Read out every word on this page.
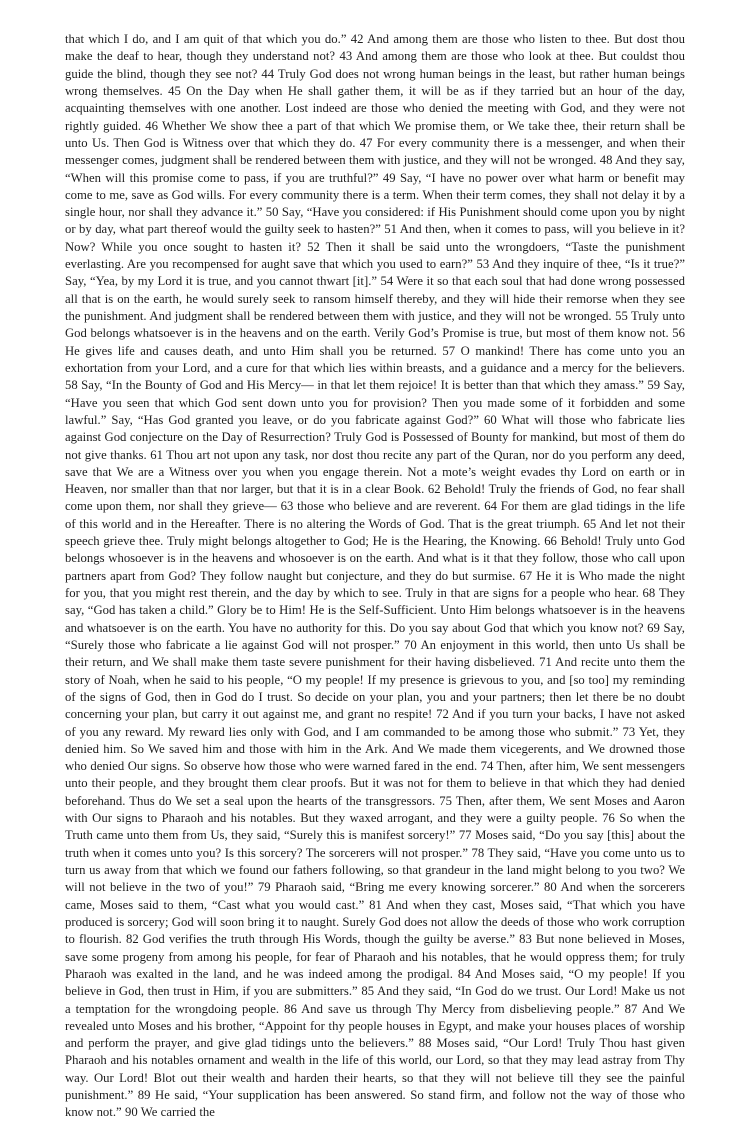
that which I do, and I am quit of that which you do.” 42 And among them are those who listen to thee. But dost thou make the deaf to hear, though they understand not? 43 And among them are those who look at thee. But couldst thou guide the blind, though they see not? 44 Truly God does not wrong human beings in the least, but rather human beings wrong themselves. 45 On the Day when He shall gather them, it will be as if they tarried but an hour of the day, acquainting themselves with one another. Lost indeed are those who denied the meeting with God, and they were not rightly guided. 46 Whether We show thee a part of that which We promise them, or We take thee, their return shall be unto Us. Then God is Witness over that which they do. 47 For every community there is a messenger, and when their messenger comes, judgment shall be rendered between them with justice, and they will not be wronged. 48 And they say, “When will this promise come to pass, if you are truthful?” 49 Say, “I have no power over what harm or benefit may come to me, save as God wills. For every community there is a term. When their term comes, they shall not delay it by a single hour, nor shall they advance it.” 50 Say, “Have you considered: if His Punishment should come upon you by night or by day, what part thereof would the guilty seek to hasten?” 51 And then, when it comes to pass, will you believe in it? Now? While you once sought to hasten it? 52 Then it shall be said unto the wrongdoers, “Taste the punishment everlasting. Are you recompensed for aught save that which you used to earn?” 53 And they inquire of thee, “Is it true?” Say, “Yea, by my Lord it is true, and you cannot thwart [it].” 54 Were it so that each soul that had done wrong possessed all that is on the earth, he would surely seek to ransom himself thereby, and they will hide their remorse when they see the punishment. And judgment shall be rendered between them with justice, and they will not be wronged. 55 Truly unto God belongs whatsoever is in the heavens and on the earth. Verily God’s Promise is true, but most of them know not. 56 He gives life and causes death, and unto Him shall you be returned. 57 O mankind! There has come unto you an exhortation from your Lord, and a cure for that which lies within breasts, and a guidance and a mercy for the believers. 58 Say, “In the Bounty of God and His Mercy— in that let them rejoice! It is better than that which they amass.” 59 Say, “Have you seen that which God sent down unto you for provision? Then you made some of it forbidden and some lawful.” Say, “Has God granted you leave, or do you fabricate against God?” 60 What will those who fabricate lies against God conjecture on the Day of Resurrection? Truly God is Possessed of Bounty for mankind, but most of them do not give thanks. 61 Thou art not upon any task, nor dost thou recite any part of the Quran, nor do you perform any deed, save that We are a Witness over you when you engage therein. Not a mote’s weight evades thy Lord on earth or in Heaven, nor smaller than that nor larger, but that it is in a clear Book. 62 Behold! Truly the friends of God, no fear shall come upon them, nor shall they grieve— 63 those who believe and are reverent. 64 For them are glad tidings in the life of this world and in the Hereafter. There is no altering the Words of God. That is the great triumph. 65 And let not their speech grieve thee. Truly might belongs altogether to God; He is the Hearing, the Knowing. 66 Behold! Truly unto God belongs whosoever is in the heavens and whosoever is on the earth. And what is it that they follow, those who call upon partners apart from God? They follow naught but conjecture, and they do but surmise. 67 He it is Who made the night for you, that you might rest therein, and the day by which to see. Truly in that are signs for a people who hear. 68 They say, “God has taken a child.” Glory be to Him! He is the Self-Sufficient. Unto Him belongs whatsoever is in the heavens and whatsoever is on the earth. You have no authority for this. Do you say about God that which you know not? 69 Say, “Surely those who fabricate a lie against God will not prosper.” 70 An enjoyment in this world, then unto Us shall be their return, and We shall make them taste severe punishment for their having disbelieved. 71 And recite unto them the story of Noah, when he said to his people, “O my people! If my presence is grievous to you, and [so too] my reminding of the signs of God, then in God do I trust. So decide on your plan, you and your partners; then let there be no doubt concerning your plan, but carry it out against me, and grant no respite! 72 And if you turn your backs, I have not asked of you any reward. My reward lies only with God, and I am commanded to be among those who submit.” 73 Yet, they denied him. So We saved him and those with him in the Ark. And We made them vicegerents, and We drowned those who denied Our signs. So observe how those who were warned fared in the end. 74 Then, after him, We sent messengers unto their people, and they brought them clear proofs. But it was not for them to believe in that which they had denied beforehand. Thus do We set a seal upon the hearts of the transgressors. 75 Then, after them, We sent Moses and Aaron with Our signs to Pharaoh and his notables. But they waxed arrogant, and they were a guilty people. 76 So when the Truth came unto them from Us, they said, “Surely this is manifest sorcery!” 77 Moses said, “Do you say [this] about the truth when it comes unto you? Is this sorcery? The sorcerers will not prosper.” 78 They said, “Have you come unto us to turn us away from that which we found our fathers following, so that grandeur in the land might belong to you two? We will not believe in the two of you!” 79 Pharaoh said, “Bring me every knowing sorcerer.” 80 And when the sorcerers came, Moses said to them, “Cast what you would cast.” 81 And when they cast, Moses said, “That which you have produced is sorcery; God will soon bring it to naught. Surely God does not allow the deeds of those who work corruption to flourish. 82 God verifies the truth through His Words, though the guilty be averse.” 83 But none believed in Moses, save some progeny from among his people, for fear of Pharaoh and his notables, that he would oppress them; for truly Pharaoh was exalted in the land, and he was indeed among the prodigal. 84 And Moses said, “O my people! If you believe in God, then trust in Him, if you are submitters.” 85 And they said, “In God do we trust. Our Lord! Make us not a temptation for the wrongdoing people. 86 And save us through Thy Mercy from disbelieving people.” 87 And We revealed unto Moses and his brother, “Appoint for thy people houses in Egypt, and make your houses places of worship and perform the prayer, and give glad tidings unto the believers.” 88 Moses said, “Our Lord! Truly Thou hast given Pharaoh and his notables ornament and wealth in the life of this world, our Lord, so that they may lead astray from Thy way. Our Lord! Blot out their wealth and harden their hearts, so that they will not believe till they see the painful punishment.” 89 He said, “Your supplication has been answered. So stand firm, and follow not the way of those who know not.” 90 We carried the
